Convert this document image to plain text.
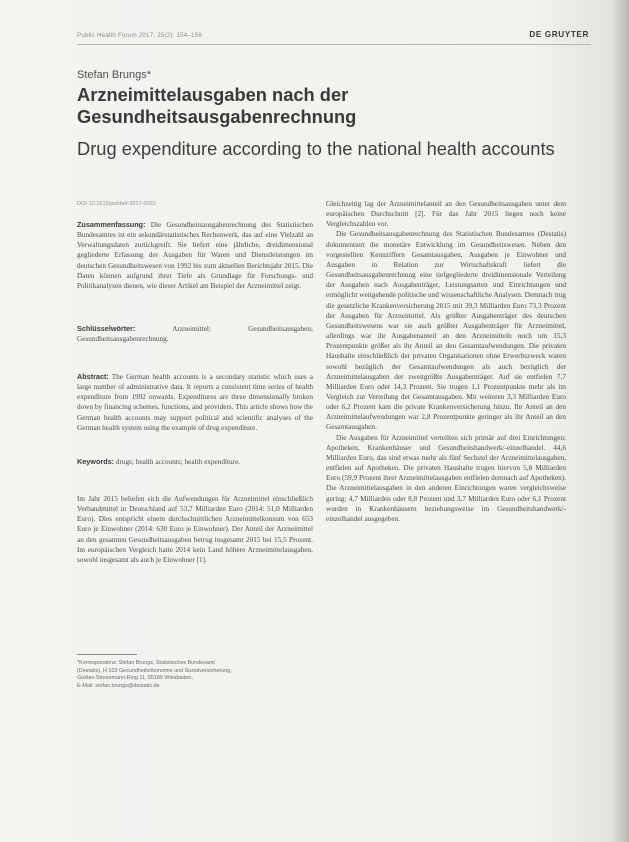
Public Health Forum 2017; 25(2): 154–156	DE GRUYTER
Stefan Brungs*
Arzneimittelausgaben nach der Gesundheitsausgabenrechnung
Drug expenditure according to the national health accounts
DOI 10.1515/pubhef-2017-0022

Zusammenfassung: Die Gesundheitsausgabenrechnung des Statistischen Bundesamtes ist ein sekundärstatistisches Rechenwerk, das auf eine Vielzahl an Verwaltungsdaten zurückgreift. Sie liefert eine jährliche, dreidimensional gegliederte Erfassung der Ausgaben für Waren und Dienstleistungen im deutschen Gesundheitswesen von 1992 bis zum aktuellen Berichtsjahr 2015. Die Daten können aufgrund ihrer Tiefe als Grundlage für Forschungs- und Politikanalysen dienen, wie dieser Artikel am Beispiel der Arzneimittel zeigt.

Schlüsselwörter:	Arzneimittel; Gesundheitsausgaben; Gesundheitsausgabenrechnung.

Abstract: The German health accounts is a secondary statistic which uses a large number of administrative data. It reports a consistent time series of health expenditure from 1992 onwards. Expenditures are three dimensionally broken down by financing schemes, functions, and providers. This article shows how the German health accounts may support political and scientific analyses of the German health system using the example of drug expenditure.

Keywords: drugs; health accounts; health expenditure.

Im Jahr 2015 beliefen sich die Aufwendungen für Arzneimittel einschließlich Verbandmittel in Deutschland auf 53,7 Milliarden Euro (2014: 51,0 Milliarden Euro). Dies entspricht einem durchschnittlichen Arzneimittelkonsum von 653 Euro je Einwohner (2014: 630 Euro je Einwohner). Der Anteil der Arzneimittel an den gesamten Gesundheitsausgaben betrug insgesamt 2015 bei 15,5 Prozent. Im europäischen Vergleich hatte 2014 kein Land höhere Arzneimittelausgaben, sowohl insgesamt als auch je Einwohner [1].

*Korrespondenz: Stefan Brungs, Statistisches Bundesamt

(Destatis), H 103 Gesundheitsökonomie und Sozialversicherung,

Gustav-Stresemann-Ring 11, 65189 Wiesbaden,

E-Mail: stefan.brungs@destatis.de

Gleichzeitig lag der Arzneimittelanteil an den Gesundheitsausgaben unter dem europäischen Durchschnitt [2]. Für das Jahr 2015 liegen noch keine Vergleichszahlen vor.

Die Gesundheitsausgabenrechnung des Statistischen Bundesamtes (Destatis) dokumentiert die monetäre Entwicklung im Gesundheitswesen. Neben den vorgestellten Kennziffern Gesamtausgaben, Ausgaben je Einwohner und Ausgaben in Relation zur Wirtschaftskraft liefert die Gesundheitsausgabenrechnung eine tiefgegliederte dreidimensionale Verteilung der Ausgaben nach Ausgabenträger, Leistungsarten und Einrichtungen und ermöglicht weitgehende politische und wissenschaftliche Analysen. Demnach trug die gesetzliche Krankenversicherung 2015 mit 39,3 Milliarden Euro 73,3 Prozent der Ausgaben für Arzneimittel. Als größter Ausgabenträger des deutschen Gesundheitswesens war sie auch größter Ausgabenträger für Arzneimittel, allerdings war ihr Ausgabenanteil an den Arzneimitteln noch um 15,3 Prozentpunkte größer als ihr Anteil an den Gesamtaufwendungen. Die privaten Haushalte einschließlich der privaten Organisationen ohne Erwerbszweck waren sowohl bezüglich der Gesamtaufwendungen als auch bezüglich der Arzneimittelausgaben der zweitgrößte Ausgabenträger. Auf sie entfielen 7,7 Milliarden Euro oder 14,3 Prozent. Sie trugen 1,1 Prozentpunkte mehr als im Vergleich zur Verteilung der Gesamtausgaben. Mit weiteren 3,3 Milliarden Euro oder 6,2 Prozent kam die private Krankenversicherung hinzu. Ihr Anteil an den Arzneimittelaufwendungen war 2,8 Prozentpunkte geringer als ihr Anteil an den Gesamtausgaben.

Die Ausgaben für Arzneimittel verteilten sich primär auf drei Einrichtungen: Apotheken, Krankenhäuser und Gesundheitshandwerk/-einzelhandel. 44,6 Milliarden Euro, das sind etwas mehr als fünf Sechstel der Arzneimittelausgaben, entfielen auf Apotheken. Die privaten Haushalte trugen hiervon 5,8 Milliarden Euro (59,9 Prozent ihrer Arzneimittelausgaben entfielen demnach auf Apotheken). Die Arzneimittelausgaben in den anderen Einrichtungen waren vergleichsweise gering: 4,7 Milliarden oder 8,8 Prozent und 3,7 Milliarden Euro oder 6,1 Prozent wurden in Krankenhäusern beziehungsweise im Gesundheitshandwerk/-einzelhandel ausgegeben.
